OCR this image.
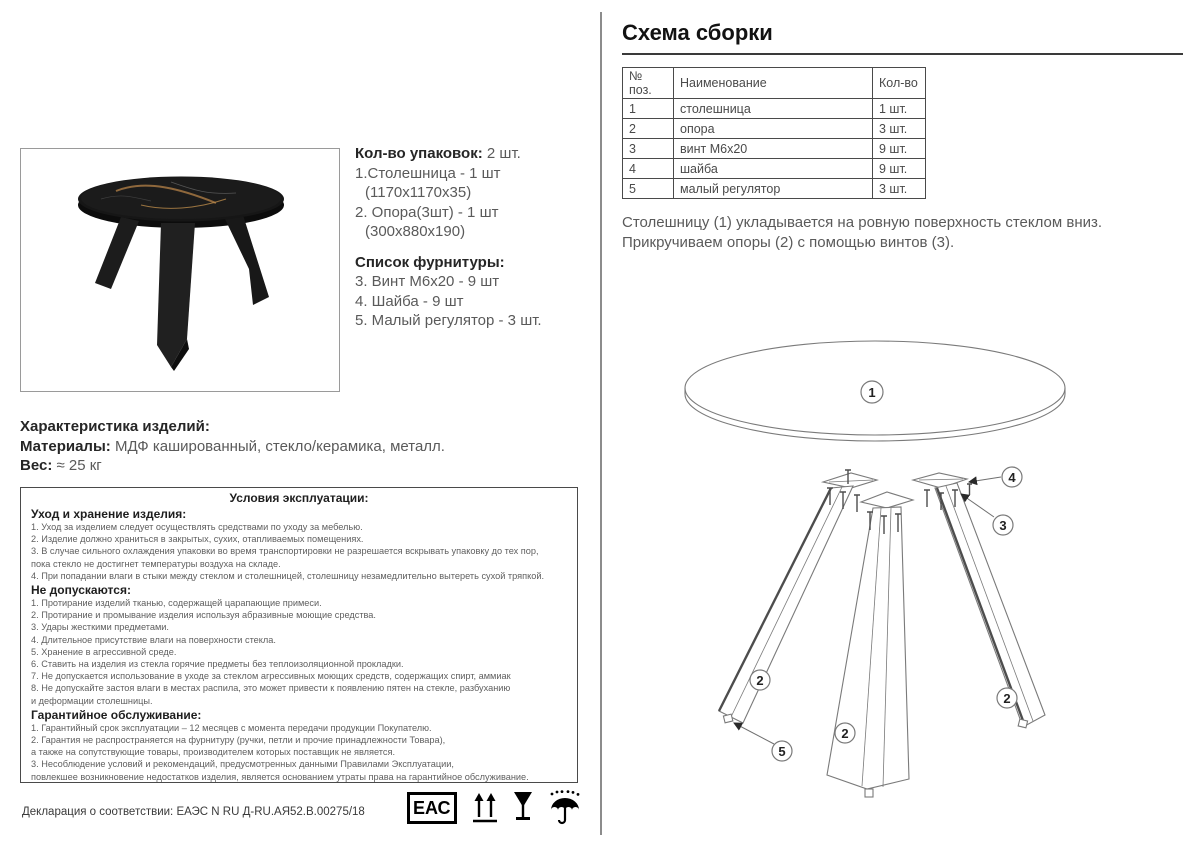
Кол-во упаковок: 2 шт.
1.Столешница - 1 шт
(1170х1170х35)
2. Опора(3шт) - 1 шт
(300х880х190)
Список фурнитуры:
3. Винт М6х20 - 9 шт
4. Шайба - 9 шт
5. Малый регулятор - 3 шт.
Характеристика изделий:
Материалы: МДФ кашированный, стекло/керамика, металл.
Вес: ≈ 25 кг
Условия эксплуатации:
Уход и хранение изделия:
1. Уход за изделием следует осуществлять средствами по уходу за мебелью.
2. Изделие должно храниться в закрытых, сухих, отапливаемых помещениях.
3. В случае сильного охлаждения упаковки во время транспортировки не разрешается вскрывать упаковку до тех пор,
пока стекло не достигнет температуры воздуха на складе.
4. При попадании влаги в стыки между стеклом и столешницей, столешницу незамедлительно вытереть сухой тряпкой.
Не допускаются:
1. Протирание изделий тканью, содержащей царапающие примеси.
2. Протирание и промывание изделия используя абразивные моющие средства.
3. Удары жесткими предметами.
4. Длительное присутствие влаги на поверхности стекла.
5. Хранение в агрессивной среде.
6. Ставить на изделия из стекла горячие предметы без теплоизоляционной прокладки.
7. Не допускается использование в уходе за стеклом агрессивных моющих средств, содержащих спирт, аммиак
8. Не допускайте застоя влаги в местах распила, это может привести к появлению пятен на стекле, разбуханию
и деформации столешницы.
Гарантийное обслуживание:
1. Гарантийный срок эксплуатации – 12 месяцев с момента передачи продукции Покупателю.
2. Гарантия не распространяется на фурнитуру (ручки, петли и прочие принадлежности Товара),
а также на сопутствующие товары, производителем которых поставщик не является.
3. Несоблюдение условий и рекомендаций, предусмотренных данными Правилами Эксплуатации,
повлекшее возникновение недостатков изделия, является основанием утраты права на гарантийное обслуживание.
Декларация о соответствии: ЕАЭС N RU Д-RU.АЯ52.В.00275/18	ЕАС
Схема сборки
№ поз.	Наименование	Кол-во
1	столешница	1 шт.
2	опора	3 шт.
3	винт М6х20	9 шт.
4	шайба	9 шт.
5	малый регулятор	3 шт.
Столешницу (1) укладывается на ровную поверхность стеклом вниз.
Прикручиваем опоры (2) с помощью винтов (3).
1
2
2
2
4
3
5
